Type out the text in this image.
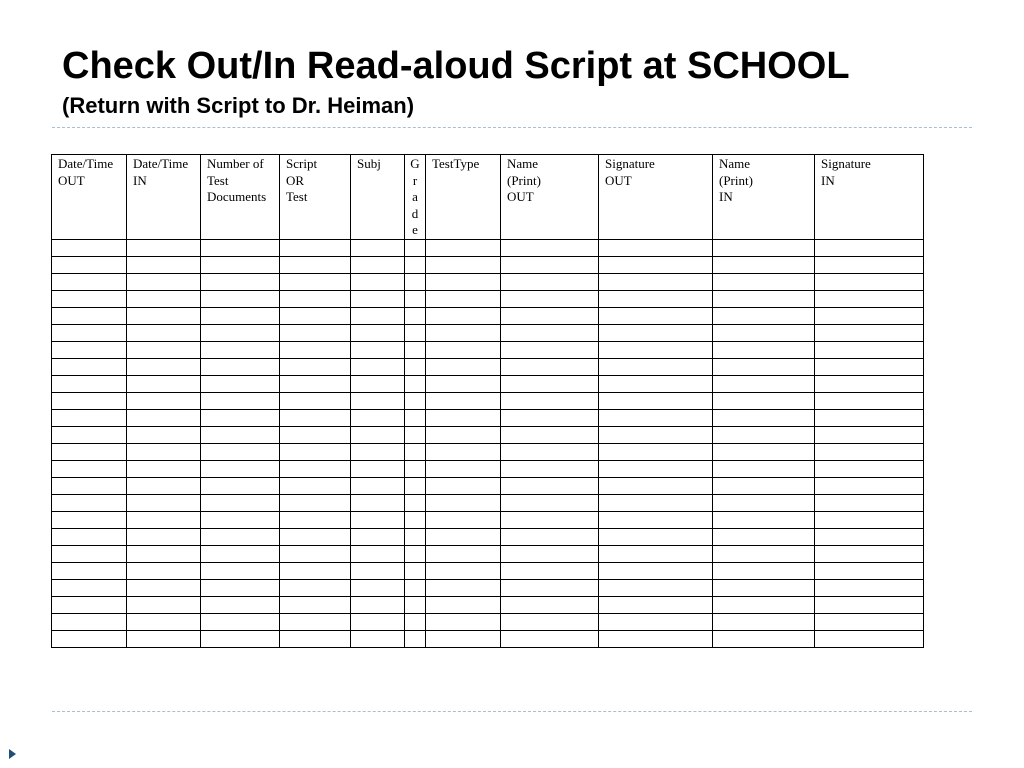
Check Out/In Read-aloud Script at SCHOOL
(Return with Script to Dr. Heiman)
Date/Time
OUT	Date/Time
IN	Number of
Test
Documents	Script
OR
Test	Subj	G
r
a
d
e	TestType	Name
(Print)
OUT	Signature
OUT	Name
(Print)
IN	Signature
IN
